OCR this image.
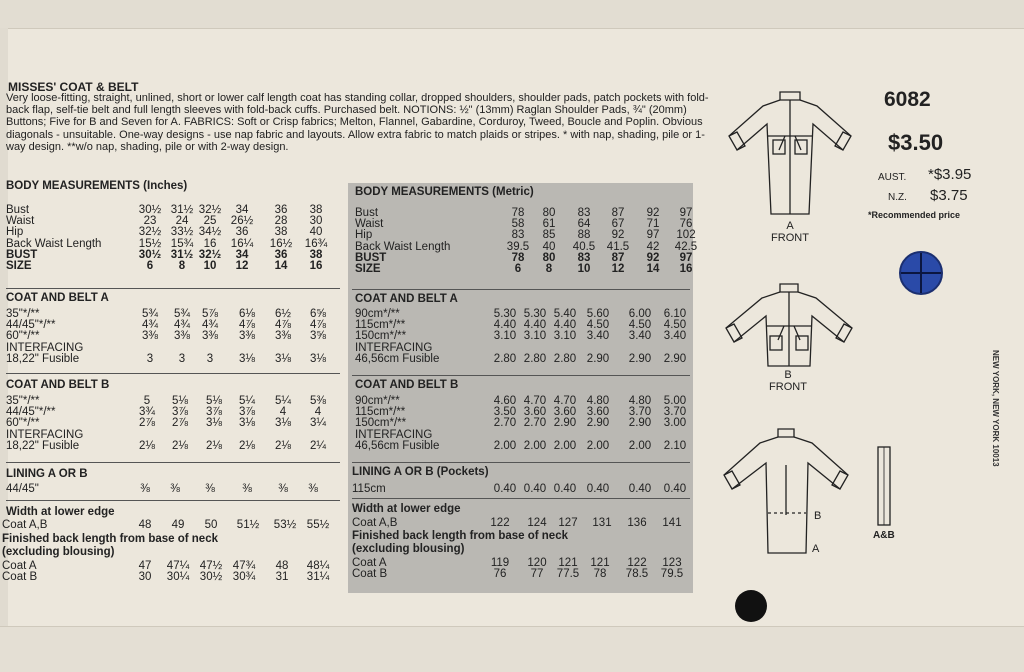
MISSES' COAT & BELT
Very loose-fitting, straight, unlined, short or lower calf length coat has standing collar, dropped shoulders, shoulder pads, patch pockets with fold-back flap, self-tie belt and full length sleeves with fold-back cuffs. Purchased belt. NOTIONS: ½" (13mm) Raglan Shoulder Pads, ¾" (20mm) Buttons; Five for B and Seven for A. FABRICS: Soft or Crisp fabrics; Melton, Flannel, Gabardine, Corduroy, Tweed, Boucle and Poplin. Obvious diagonals - unsuitable. One-way designs - use nap fabric and layouts. Allow extra fabric to match plaids or stripes. * with nap, shading, pile or 1-way design. **w/o nap, shading, pile or with 2-way design.
BODY MEASUREMENTS (Inches)
Bust	30½ 31½ 32½	34	36	38
Waist	23	24	25	26½	28	30
Hip	32½ 33½ 34½	36	38	40
Back Waist Length	15½ 15¾ 16	16¼ 16½ 16¾
BUST	30½ 31½ 32½	34	36	38
SIZE	6	8	10	12	14	16
COAT AND BELT A
35"*/**	5¾	5¾	5⅞	6⅛	6½	6⅝
44/45"*/**	4¾	4¾	4¾	4⅞	4⅞	4⅞
60"*/**	3⅜	3⅜	3⅜	3⅜	3⅜	3⅝
INTERFACING
18,22" Fusible	3	3	3	3⅛	3⅛	3⅛
COAT AND BELT B
35"*/**	5	5⅛	5⅛	5¼	5¼	5⅜
44/45"*/**	3¾	3⅞	3⅞	3⅞	4	4
60"*/**	2⅞	2⅞	3⅛	3⅛	3⅛	3¼
INTERFACING
18,22" Fusible	2⅛	2⅛	2⅛	2⅛	2⅛	2¼
LINING A OR B
44/45"	⅜	⅜	⅜	⅜	⅜	⅜
Width at lower edge
Coat A,B	48	49	50	51½ 53½ 55½
Finished back length from base of neck
(excluding blousing)
Coat A	47	47¼ 47½ 47¾	48	48¼
Coat B	30	30¼ 30½ 30¾	31	31¼
BODY MEASUREMENTS (Metric)
Bust	78	80	83	87	92	97
Waist	58	61	64	67	71	76
Hip	83	85	88	92	97	102
Back Waist Length	39.5	40	40.5 41.5	42	42.5
BUST	78	80	83	87	92	97
SIZE	6	8	10	12	14	16
COAT AND BELT A
90cm*/**	5.30 5.30 5.40 5.60 6.00 6.10
115cm*/**	4.40 4.40 4.40 4.50 4.50 4.50
150cm*/**	3.10 3.10 3.10 3.40 3.40 3.40
INTERFACING
46,56cm Fusible	2.80 2.80 2.80 2.90 2.90 2.90
COAT AND BELT B
90cm*/**	4.60 4.70 4.70 4.80 4.80 5.00
115cm*/**	3.50 3.60 3.60 3.60 3.70 3.70
150cm*/**	2.70 2.70 2.90 2.90 2.90 3.00
INTERFACING
46,56cm Fusible	2.00 2.00 2.00 2.00 2.00 2.10
LINING A OR B (Pockets)
115cm	0.40 0.40 0.40 0.40 0.40 0.40
Width at lower edge
Coat A,B	122 124 127 131 136 141
Finished back length from base of neck
(excluding blousing)
Coat A	119 120 121 121 122 123
Coat B	76	77	77.5	78	78.5 79.5
6082
$3.50
AUST. *$3.95
N.Z. $3.75
*Recommended price
A
FRONT
B
FRONT
B
A
A&B
NEW YORK, NEW YORK 10013
